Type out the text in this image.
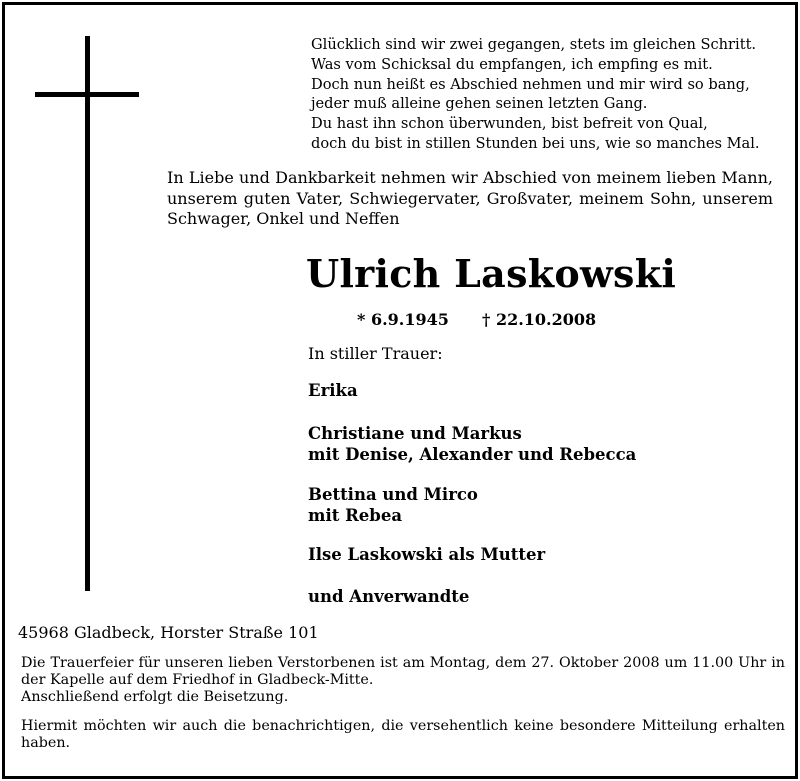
Glücklich sind wir zwei gegangen, stets im gleichen Schritt.
Was vom Schicksal du empfangen, ich empfing es mit.
Doch nun heißt es Abschied nehmen und mir wird so bang,
jeder muß alleine gehen seinen letzten Gang.
Du hast ihn schon überwunden, bist befreit von Qual,
doch du bist in stillen Stunden bei uns, wie so manches Mal.
In Liebe und Dankbarkeit nehmen wir Abschied von meinem lieben Mann, unserem guten Vater, Schwiegervater, Großvater, meinem Sohn, unserem Schwager, Onkel und Neffen
Ulrich Laskowski
* 6.9.1945 † 22.10.2008
In stiller Trauer:
Erika
Christiane und Markus
mit Denise, Alexander und Rebecca
Bettina und Mirco
mit Rebea
Ilse Laskowski als Mutter
und Anverwandte
45968 Gladbeck, Horster Straße 101
Die Trauerfeier für unseren lieben Verstorbenen ist am Montag, dem 27. Oktober 2008 um 11.00 Uhr in der Kapelle auf dem Friedhof in Gladbeck-Mitte.
Anschließend erfolgt die Beisetzung.
Hiermit möchten wir auch die benachrichtigen, die versehentlich keine besondere Mitteilung erhalten haben.
